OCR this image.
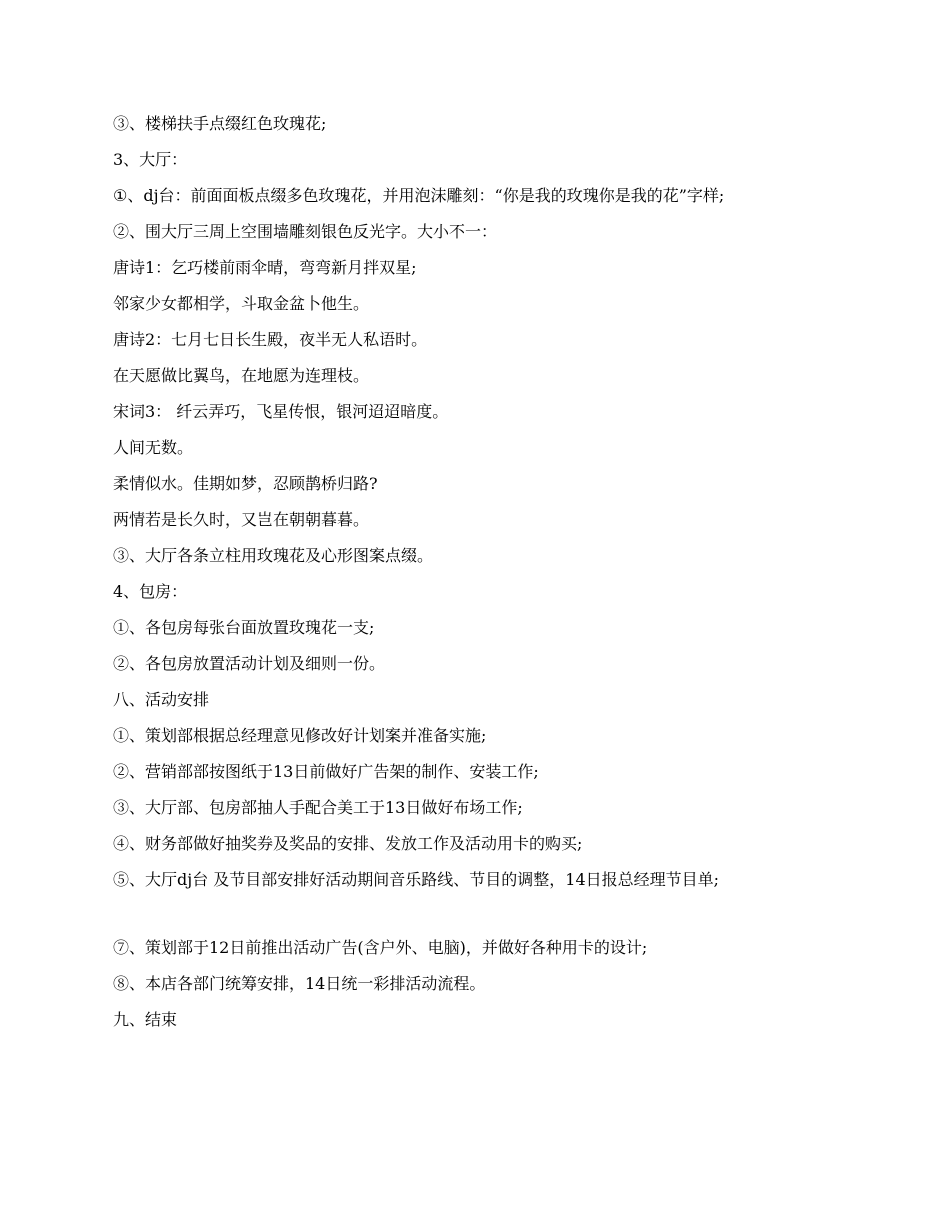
③、楼梯扶手点缀红色玫瑰花;
3、大厅：
①、dj台：前面面板点缀多色玫瑰花，并用泡沫雕刻：“你是我的玫瑰你是我的花”字样;
②、围大厅三周上空围墙雕刻银色反光字。大小不一：
唐诗1：乞巧楼前雨伞晴，弯弯新月拌双星;
邻家少女都相学，斗取金盆卜他生。
唐诗2：七月七日长生殿，夜半无人私语时。
在天愿做比翼鸟，在地愿为连理枝。
宋词3： 纤云弄巧，飞星传恨，银河迢迢暗度。
人间无数。
柔情似水。佳期如梦，忍顾鹊桥归路?
两情若是长久时，又岂在朝朝暮暮。
③、大厅各条立柱用玫瑰花及心形图案点缀。
4、包房：
①、各包房每张台面放置玫瑰花一支;
②、各包房放置活动计划及细则一份。
八、活动安排
①、策划部根据总经理意见修改好计划案并准备实施;
②、营销部部按图纸于13日前做好广告架的制作、安装工作;
③、大厅部、包房部抽人手配合美工于13日做好布场工作;
④、财务部做好抽奖券及奖品的安排、发放工作及活动用卡的购买;
⑤、大厅dj台 及节目部安排好活动期间音乐路线、节目的调整，14日报总经理节目单;
⑦、策划部于12日前推出活动广告(含户外、电脑)，并做好各种用卡的设计;
⑧、本店各部门统筹安排，14日统一彩排活动流程。
九、结束
